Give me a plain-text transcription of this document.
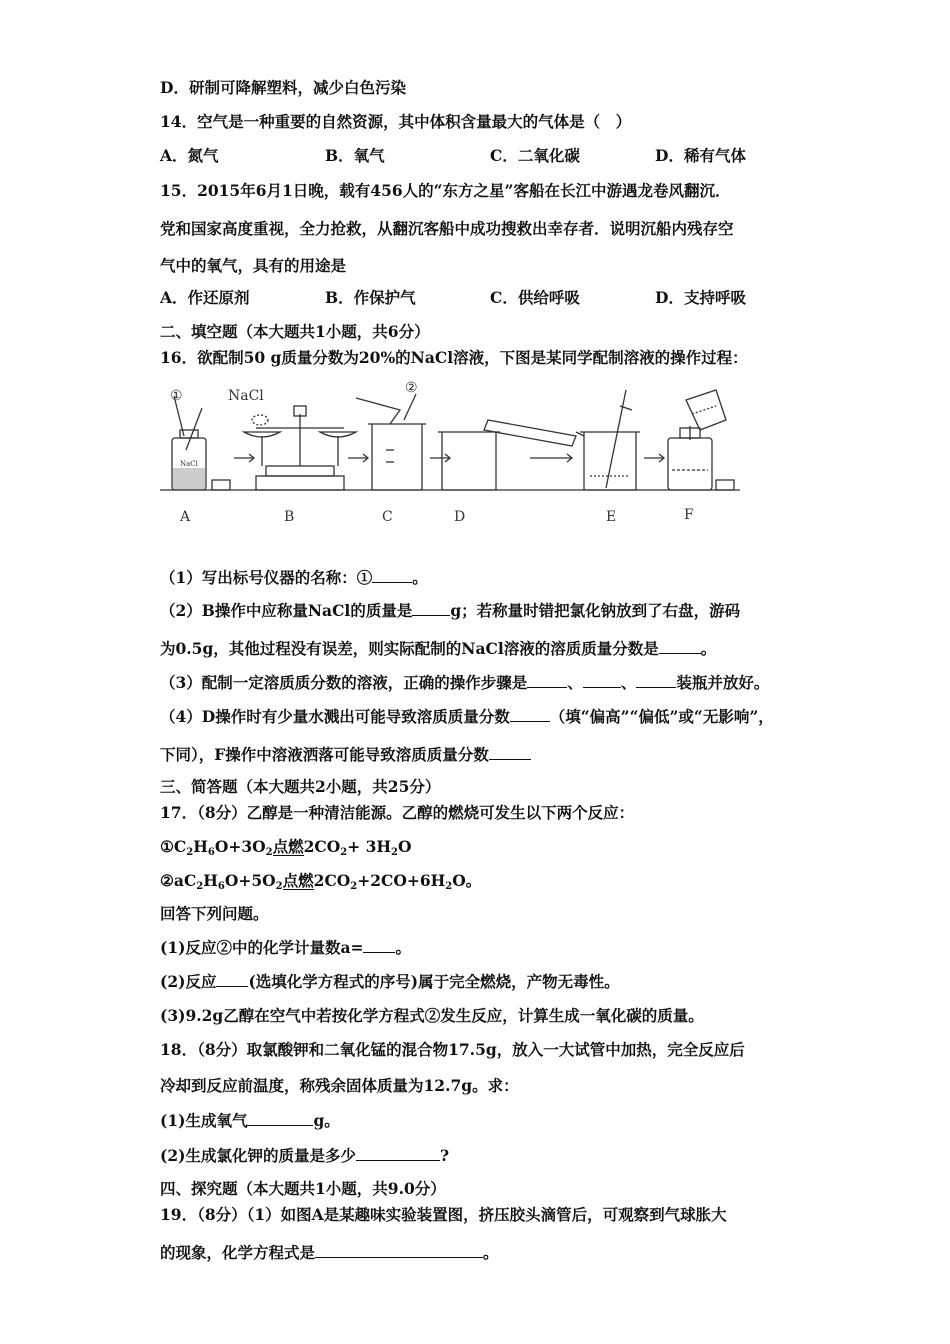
D．研制可降解塑料，减少白色污染
14．空气是一种重要的自然资源，其中体积含量最大的气体是（　）
A．氮气	B．氧气	C．二氧化碳	D．稀有气体
15．2015年6月1日晚，载有456人的“东方之星”客船在长江中游遇龙卷风翻沉．
党和国家高度重视，全力抢救，从翻沉客船中成功搜救出幸存者．说明沉船内残存空
气中的氧气，具有的用途是
A．作还原剂	B．作保护气	C．供给呼吸	D．支持呼吸
二、填空题（本大题共1小题，共6分）
16．欲配制50 g质量分数为20%的NaCl溶液，下图是某同学配制溶液的操作过程：
①	NaCl
NaCl
②
A	B	C	D	E	F
（1）写出标号仪器的名称：①	。
（2）B操作中应称量NaCl的质量是 g；若称量时错把氯化钠放到了右盘，游码
为0.5g，其他过程没有误差，则实际配制的NaCl溶液的溶质质量分数是	。
（3）配制一定溶质质分数的溶液，正确的操作步骤是	、 、	装瓶并放好。
（4）D操作时有少量水溅出可能导致溶质质量分数	（填“偏高”“偏低”或“无影响”，
下同），F操作中溶液洒落可能导致溶质质量分数
三、简答题（本大题共2小题，共25分）
17．（8分）乙醇是一种清洁能源。乙醇的燃烧可发生以下两个反应：
$①C_2H_6O+3O_2$ 点燃 $2CO_2+ 3H_2O$
$②aC_2H_6O+5O_2$ 点燃 $2CO_2+2CO+6H_2O$。
回答下列问题。
(1)反应②中的化学计量数a= 。
(2)反应 (选填化学方程式的序号)属于完全燃烧，产物无毒性。
(3)9.2g乙醇在空气中若按化学方程式②发生反应，计算生成一氧化碳的质量。
18．（8分）取氯酸钾和二氧化锰的混合物17.5g，放入一大试管中加热，完全反应后
冷却到反应前温度，称残余固体质量为12.7g。求：
(1)生成氧气	g。
(2)生成氯化钾的质量是多少	?
四、探究题（本大题共1小题，共9.0分）
19．（8分）（1）如图A是某趣味实验装置图，挤压胶头滴管后，可观察到气球胀大
的现象，化学方程式是	。
